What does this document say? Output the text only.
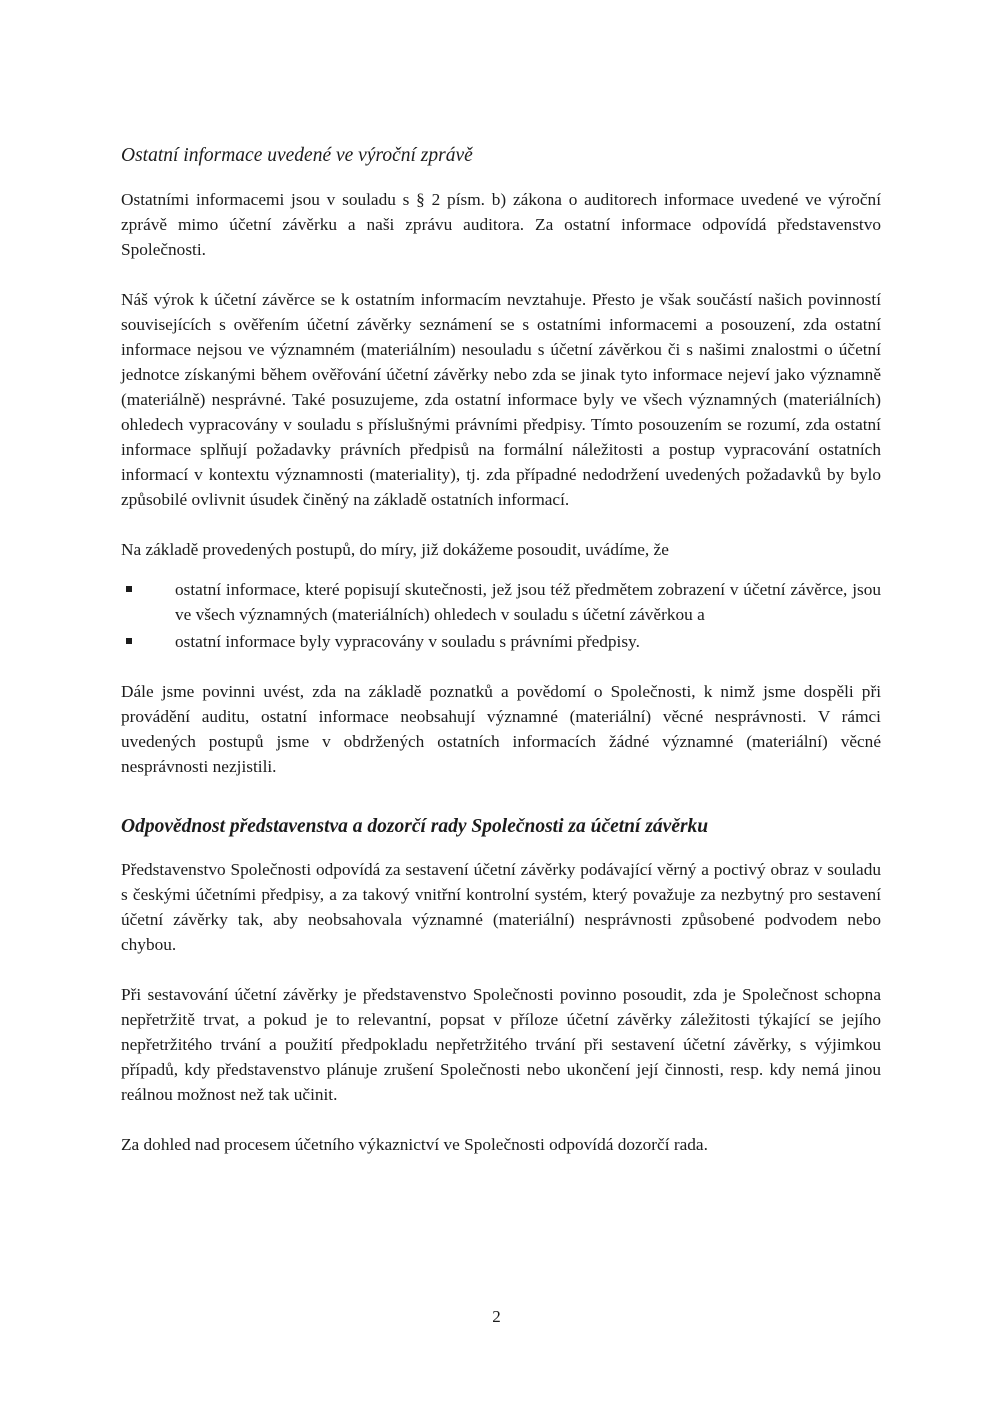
Ostatní informace uvedené ve výroční zprávě

Ostatními informacemi jsou v souladu s § 2 písm. b) zákona o auditorech informace uvedené ve výroční zprávě mimo účetní závěrku a naši zprávu auditora. Za ostatní informace odpovídá představenstvo Společnosti.

Náš výrok k účetní závěrce se k ostatním informacím nevztahuje. Přesto je však součástí našich povinností souvisejících s ověřením účetní závěrky seznámení se s ostatními informacemi a posouzení, zda ostatní informace nejsou ve významném (materiálním) nesouladu s účetní závěrkou či s našimi znalostmi o účetní jednotce získanými během ověřování účetní závěrky nebo zda se jinak tyto informace nejeví jako významně (materiálně) nesprávné. Také posuzujeme, zda ostatní informace byly ve všech významných (materiálních) ohledech vypracovány v souladu s příslušnými právními předpisy. Tímto posouzením se rozumí, zda ostatní informace splňují požadavky právních předpisů na formální náležitosti a postup vypracování ostatních informací v kontextu významnosti (materiality), tj. zda případné nedodržení uvedených požadavků by bylo způsobilé ovlivnit úsudek činěný na základě ostatních informací.

Na základě provedených postupů, do míry, již dokážeme posoudit, uvádíme, že

ostatní informace, které popisují skutečnosti, jež jsou též předmětem zobrazení v účetní závěrce, jsou ve všech významných (materiálních) ohledech v souladu s účetní závěrkou a
ostatní informace byly vypracovány v souladu s právními předpisy.

Dále jsme povinni uvést, zda na základě poznatků a povědomí o Společnosti, k nimž jsme dospěli při provádění auditu, ostatní informace neobsahují významné (materiální) věcné nesprávnosti. V rámci uvedených postupů jsme v obdržených ostatních informacích žádné významné (materiální) věcné nesprávnosti nezjistili.

Odpovědnost představenstva a dozorčí rady Společnosti za účetní závěrku

Představenstvo Společnosti odpovídá za sestavení účetní závěrky podávající věrný a poctivý obraz v souladu s českými účetními předpisy, a za takový vnitřní kontrolní systém, který považuje za nezbytný pro sestavení účetní závěrky tak, aby neobsahovala významné (materiální) nesprávnosti způsobené podvodem nebo chybou.

Při sestavování účetní závěrky je představenstvo Společnosti povinno posoudit, zda je Společnost schopna nepřetržitě trvat, a pokud je to relevantní, popsat v příloze účetní závěrky záležitosti týkající se jejího nepřetržitého trvání a použití předpokladu nepřetržitého trvání při sestavení účetní závěrky, s výjimkou případů, kdy představenstvo plánuje zrušení Společnosti nebo ukončení její činnosti, resp. kdy nemá jinou reálnou možnost než tak učinit.

Za dohled nad procesem účetního výkaznictví ve Společnosti odpovídá dozorčí rada.

2
